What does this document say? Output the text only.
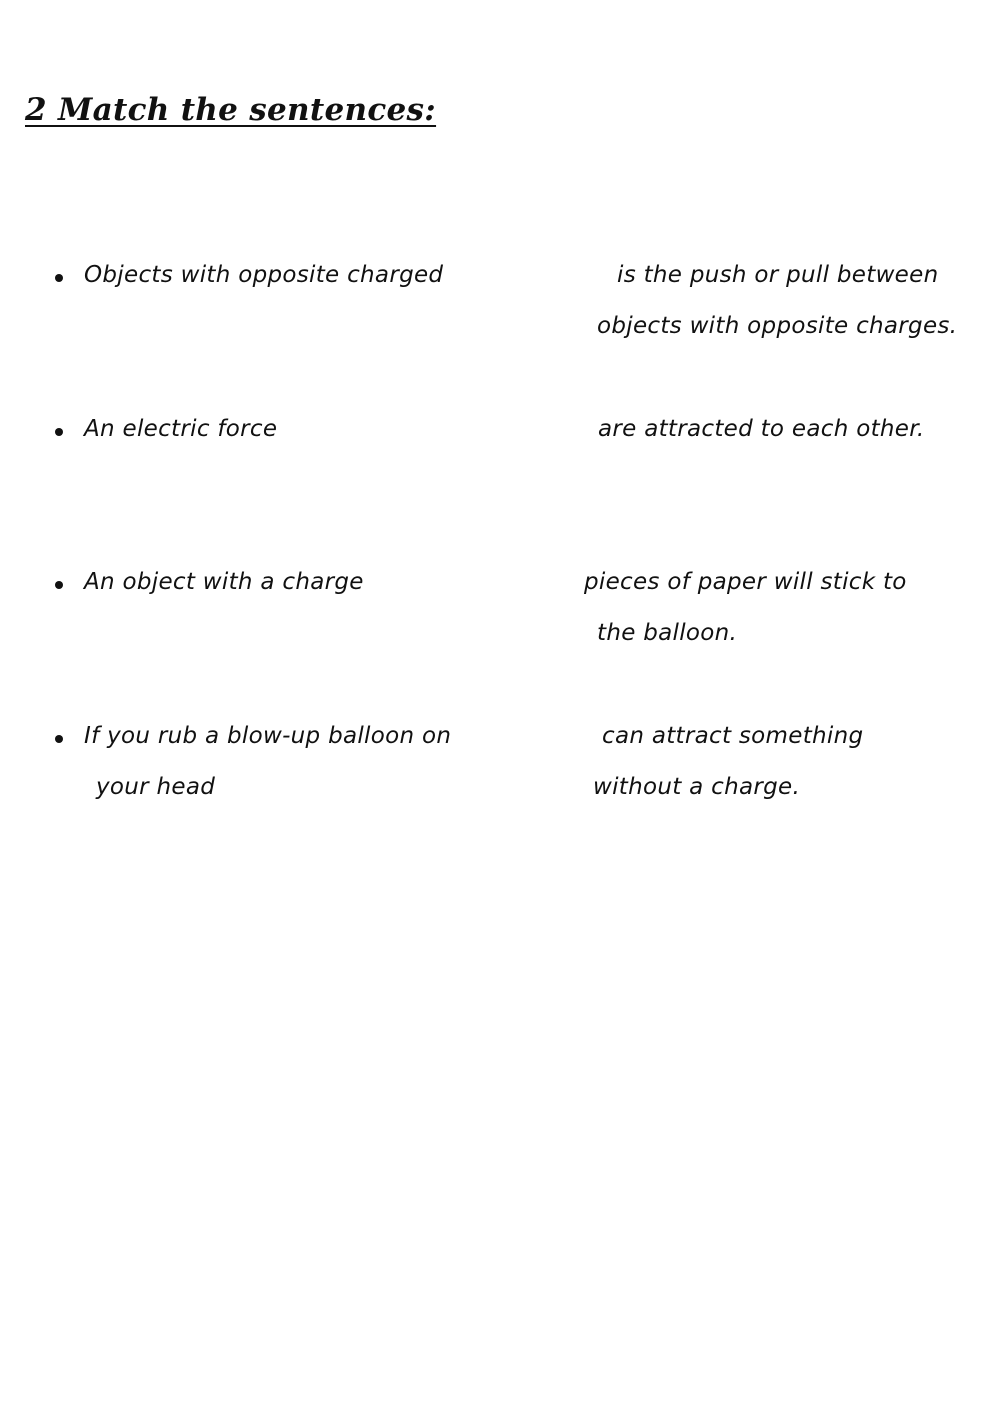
2 Match the sentences:

Objects with opposite charged

An electric force

An object with a charge

If you rub a blow-up balloon on

your head

is the push or pull between

objects with opposite charges.

are attracted to each other.

pieces of paper will stick to

the balloon.

can attract something

without a charge.
